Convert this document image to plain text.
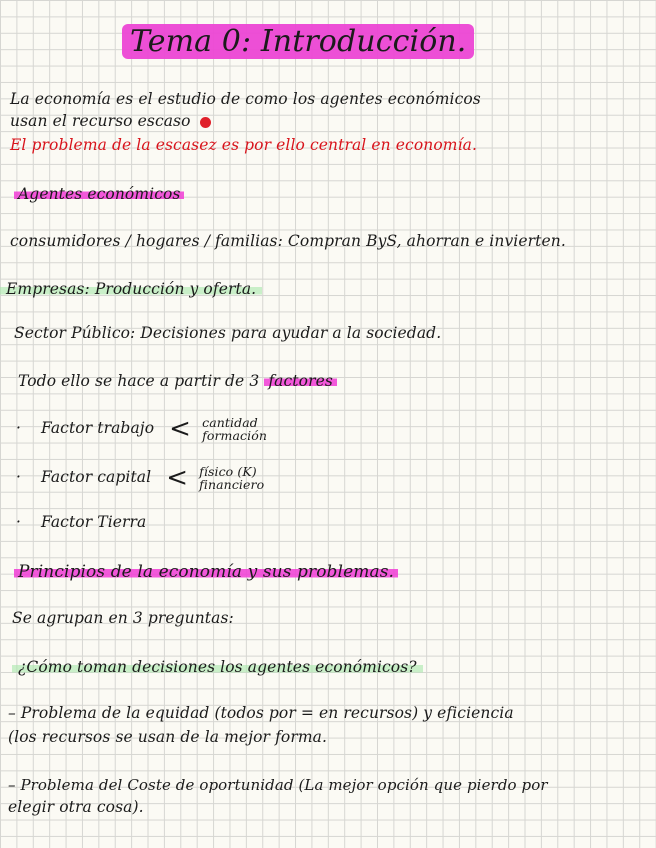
Tema 0: Introducción.
La economía es el estudio de como los agentes económicos
usan el recurso escaso
El problema de la escasez es por ello central en economía.
Agentes económicos
consumidores / hogares / familias: Compran ByS, ahorran e invierten.
Empresas: Producción y oferta.
Sector Público: Decisiones para ayudar a la sociedad.
Todo ello se hace a partir de 3 factores
· Factor trabajo < cantidad
formación
· Factor capital < físico (K)
financiero
· Factor Tierra
Principios de la economía y sus problemas.
Se agrupan en 3 preguntas:
¿Cómo toman decisiones los agentes económicos?
– Problema de la equidad (todos por = en recursos) y eficiencia
(los recursos se usan de la mejor forma.
– Problema del Coste de oportunidad (La mejor opción que pierdo por
elegir otra cosa).
